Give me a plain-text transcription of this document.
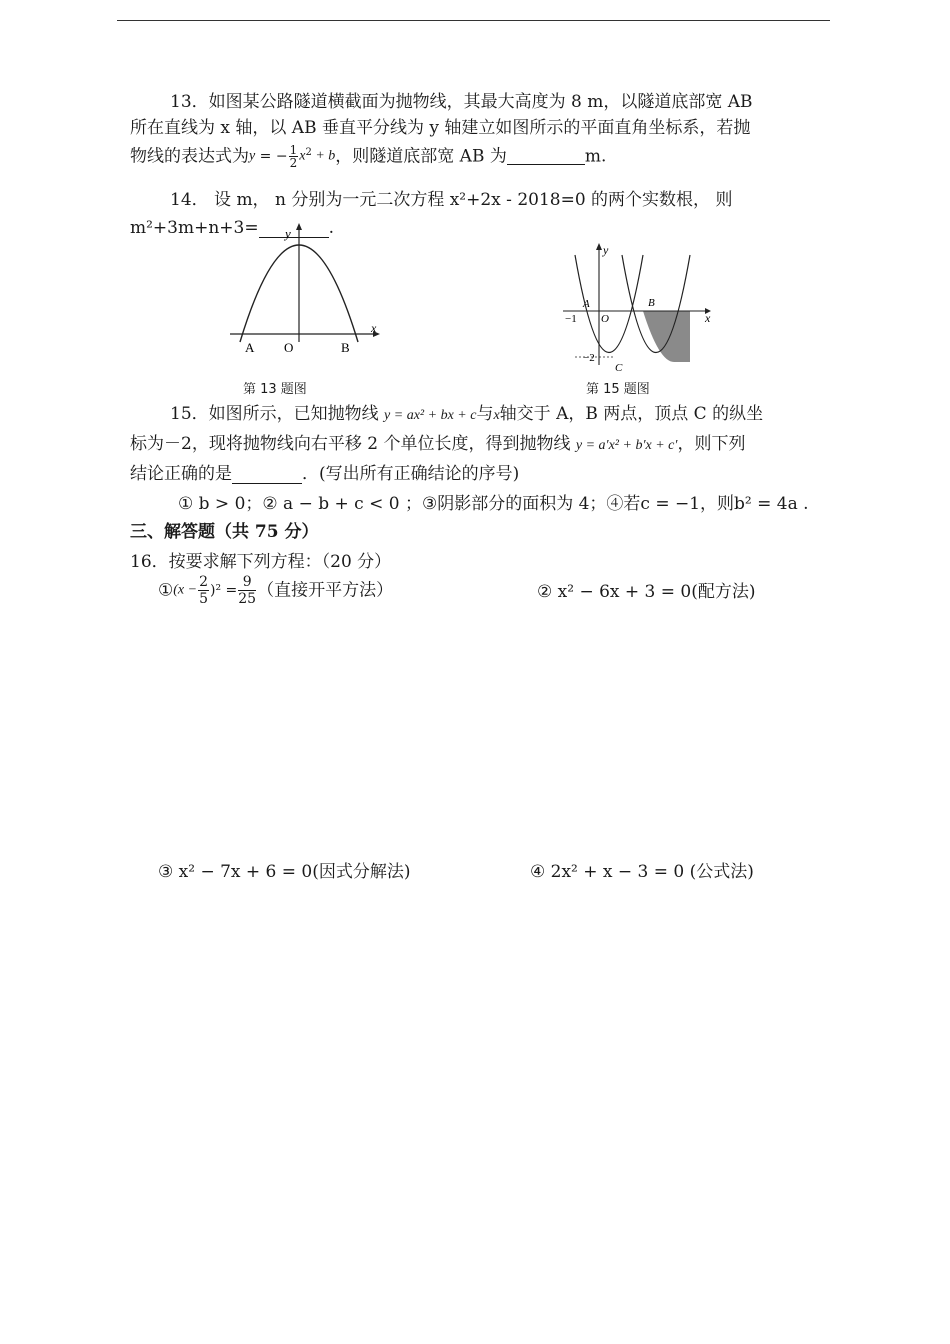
13．如图某公路隧道横截面为抛物线，其最大高度为 8 m，以隧道底部宽 AB
所在直线为 x 轴，以 AB 垂直平分线为 y 轴建立如图所示的平面直角坐标系，若抛
物线的表达式为y = − $\frac{1}{2} x^2 + b$，则隧道底部宽 AB 为	m.
14． 设 m， n 分别为一元二次方程 x²+2x - 2018=0 的两个实数根， 则
m²+3m+n+3=	.
y
x
A O	B
第 13 题图
y
x
A	B
O
C
−1
−2
第 15 题图
15．如图所示，已知抛物线 y = ax² + bx + c与x轴交于 A，B 两点，顶点 C 的纵坐
标为－2，现将抛物线向右平移 2 个单位长度，得到抛物线 y = a′x² + b′x + c′，则下列
结论正确的是	．(写出所有正确结论的序号)
① b > 0；② a − b + c < 0 ；③阴影部分的面积为 4；④若c = −1，则b² = 4a .
三、解答题（共 75 分）
16．按要求解下列方程：（20 分）
①(x − $\frac{2}{5} )^2 = \frac{9}{25}$ （直接开平方法）	② x² − 6x + 3 = 0(配方法)
③ x² − 7x + 6 = 0(因式分解法)	④ 2x² + x − 3 = 0 (公式法)
